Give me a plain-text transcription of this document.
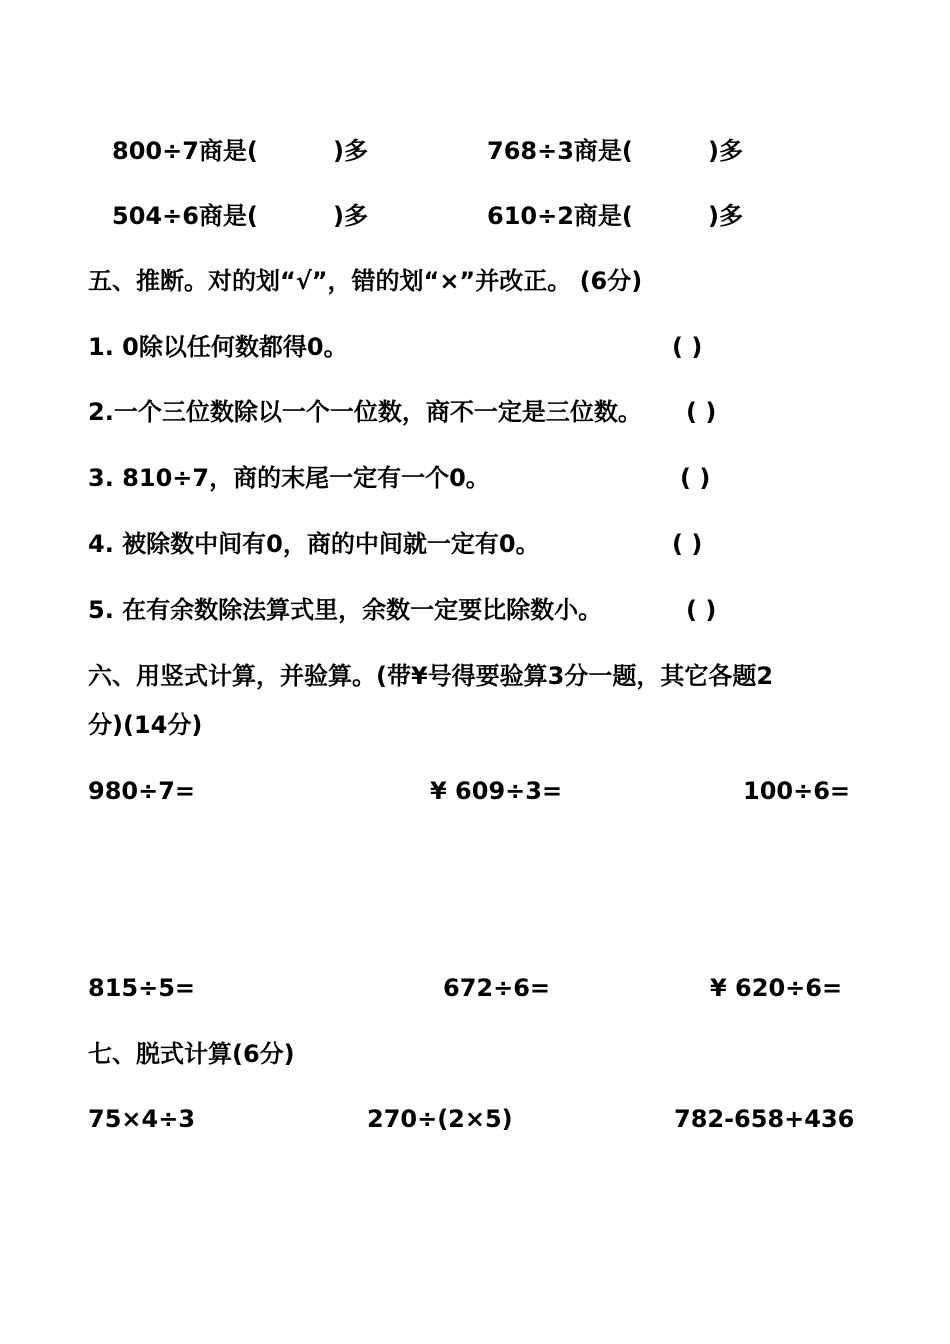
800÷7商是(	)多	768÷3商是(	)多
504÷6商是(	)多	610÷2商是(	)多
五、推断。对的划“√”，错的划“×”并改正。 (6分)
1. 0除以任何数都得0。	( )
2.一个三位数除以一个一位数，商不一定是三位数。 ( )
3. 810÷7，商的末尾一定有一个0。	( )
4. 被除数中间有0，商的中间就一定有0。	( )
5. 在有余数除法算式里，余数一定要比除数小。	( )
六、用竖式计算，并验算。(带¥号得要验算3分一题，其它各题2
分)(14分)
980÷7=	¥ 609÷3=	100÷6=
815÷5=	672÷6=	¥ 620÷6=
七、脱式计算(6分)
75×4÷3	270÷(2×5)	782-658+436
